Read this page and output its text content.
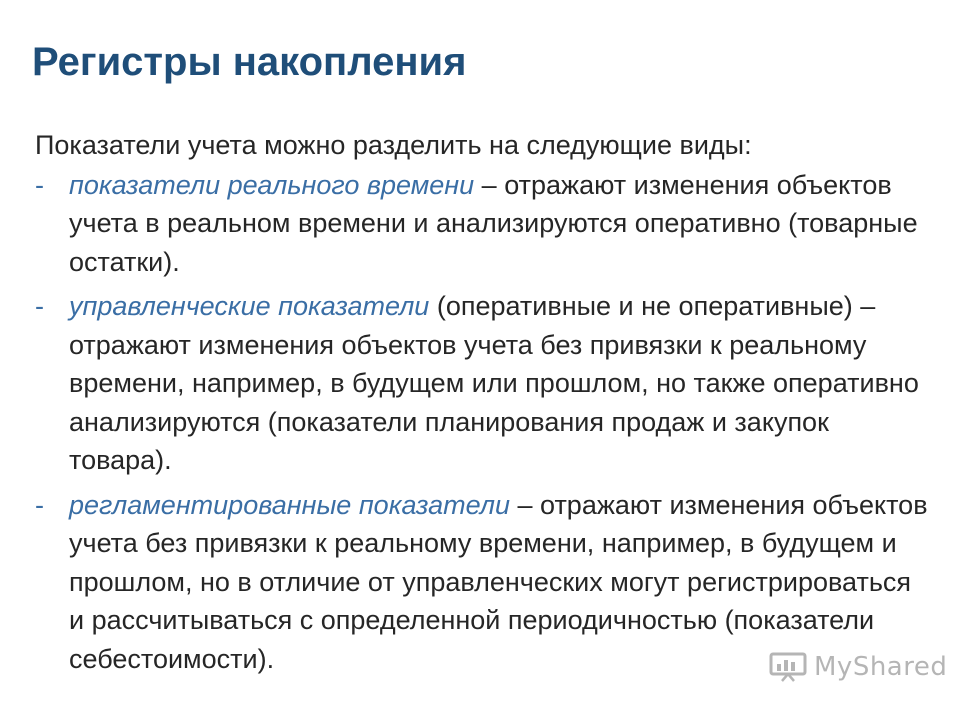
Регистры накопления

Показатели учета можно разделить на следующие виды:

- показатели реального времени – отражают изменения объектов учета в реальном времени и анализируются оперативно (товарные остатки).
- управленческие показатели (оперативные и не оперативные) – отражают изменения объектов учета без привязки к реальному времени, например, в будущем или прошлом, но также оперативно анализируются (показатели планирования продаж и закупок товара).
- регламентированные показатели – отражают изменения объектов учета без привязки к реальному времени, например, в будущем и прошлом, но в отличие от управленческих могут регистрироваться и рассчитываться с определенной периодичностью (показатели себестоимости).	MyShared
